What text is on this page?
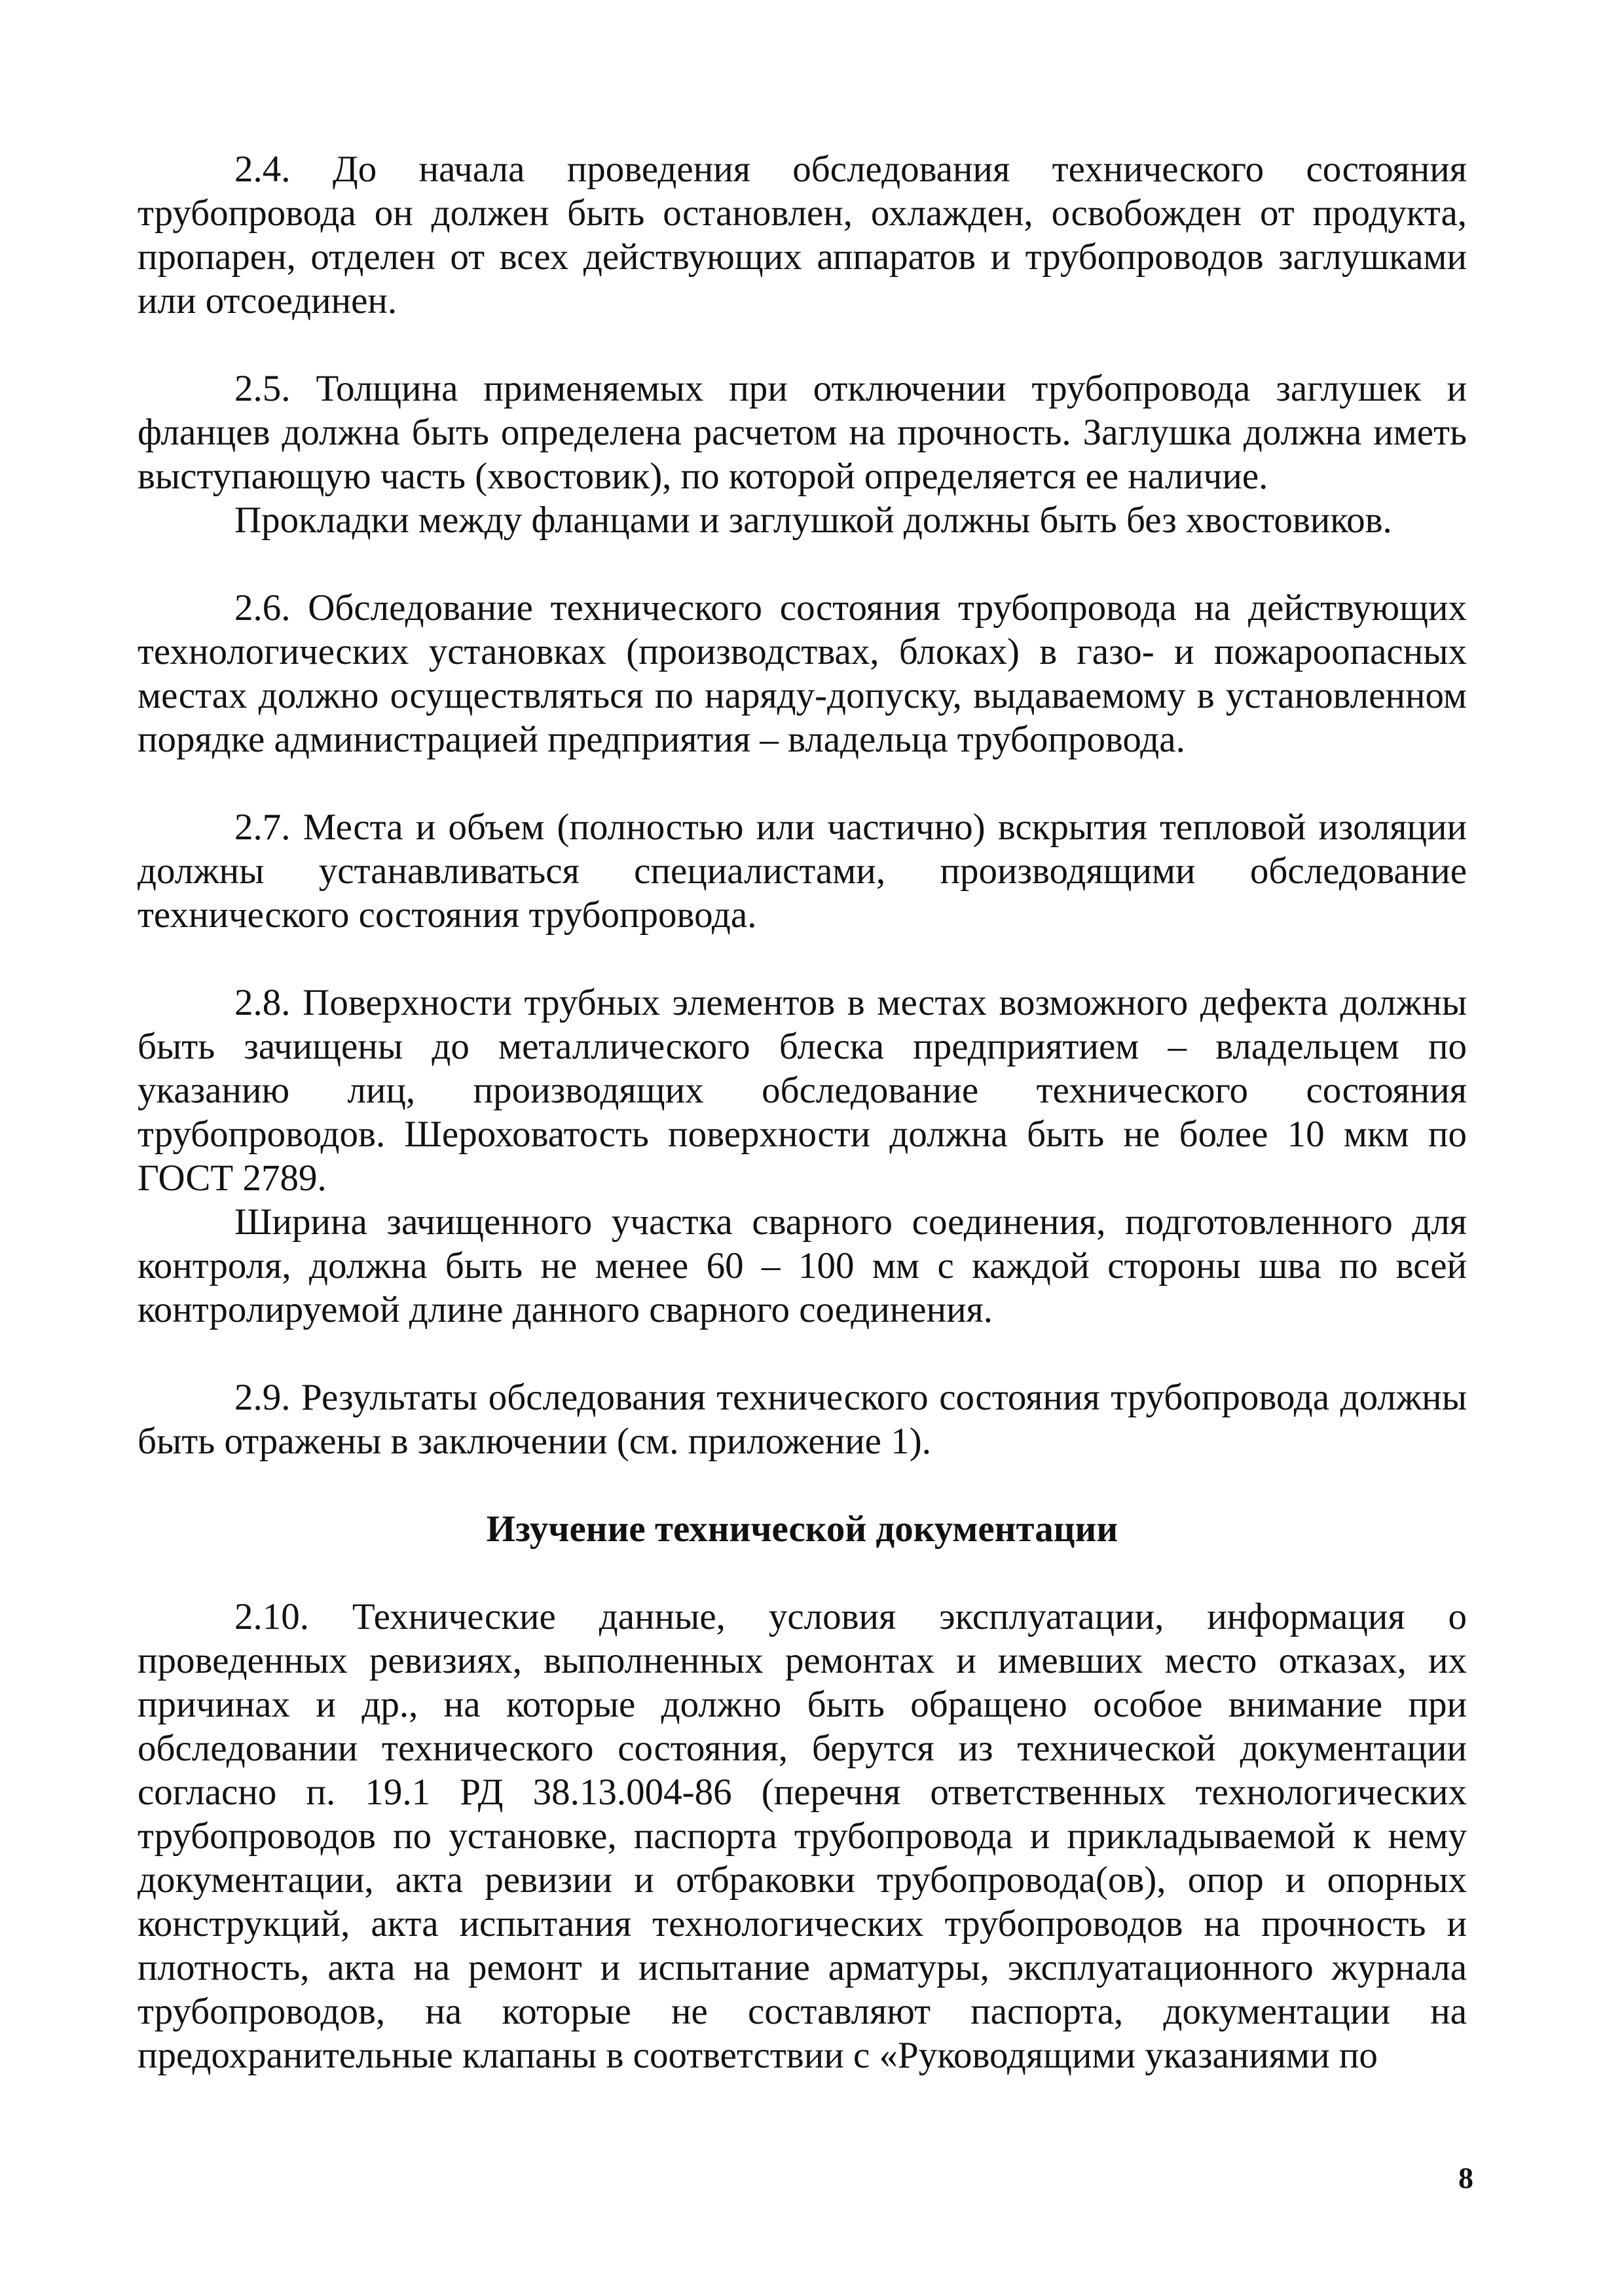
2.4. До начала проведения обследования технического состояния трубопровода он должен быть остановлен, охлажден, освобожден от продукта, пропарен, отделен от всех действующих аппаратов и трубопроводов заглушками или отсоединен.

2.5. Толщина применяемых при отключении трубопровода заглушек и фланцев должна быть определена расчетом на прочность. Заглушка должна иметь выступающую часть (хвостовик), по которой определяется ее наличие.

Прокладки между фланцами и заглушкой должны быть без хвостовиков.

2.6. Обследование технического состояния трубопровода на действующих технологических установках (производствах, блоках) в газо- и пожароопасных местах должно осуществляться по наряду-допуску, выдаваемому в установленном порядке администрацией предприятия – владельца трубопровода.

2.7. Места и объем (полностью или частично) вскрытия тепловой изоляции должны устанавливаться специалистами, производящими обследование технического состояния трубопровода.

2.8. Поверхности трубных элементов в местах возможного дефекта должны быть зачищены до металлического блеска предприятием – владельцем по указанию лиц, производящих обследование технического состояния трубопроводов. Шероховатость поверхности должна быть не более 10 мкм по ГОСТ 2789.

Ширина зачищенного участка сварного соединения, подготовленного для контроля, должна быть не менее 60 – 100 мм с каждой стороны шва по всей контролируемой длине данного сварного соединения.

2.9. Результаты обследования технического состояния трубопровода должны быть отражены в заключении (см. приложение 1).

Изучение технической документации

2.10. Технические данные, условия эксплуатации, информация о проведенных ревизиях, выполненных ремонтах и имевших место отказах, их причинах и др., на которые должно быть обращено особое внимание при обследовании технического состояния, берутся из технической документации согласно п. 19.1 РД 38.13.004-86 (перечня ответственных технологических трубопроводов по установке, паспорта трубопровода и прикладываемой к нему документации, акта ревизии и отбраковки трубопровода(ов), опор и опорных конструкций, акта испытания технологических трубопроводов на прочность и плотность, акта на ремонт и испытание арматуры, эксплуатационного журнала трубопроводов, на которые не составляют паспорта, документации на предохранительные клапаны в соответствии с «Руководящими указаниями по

8
